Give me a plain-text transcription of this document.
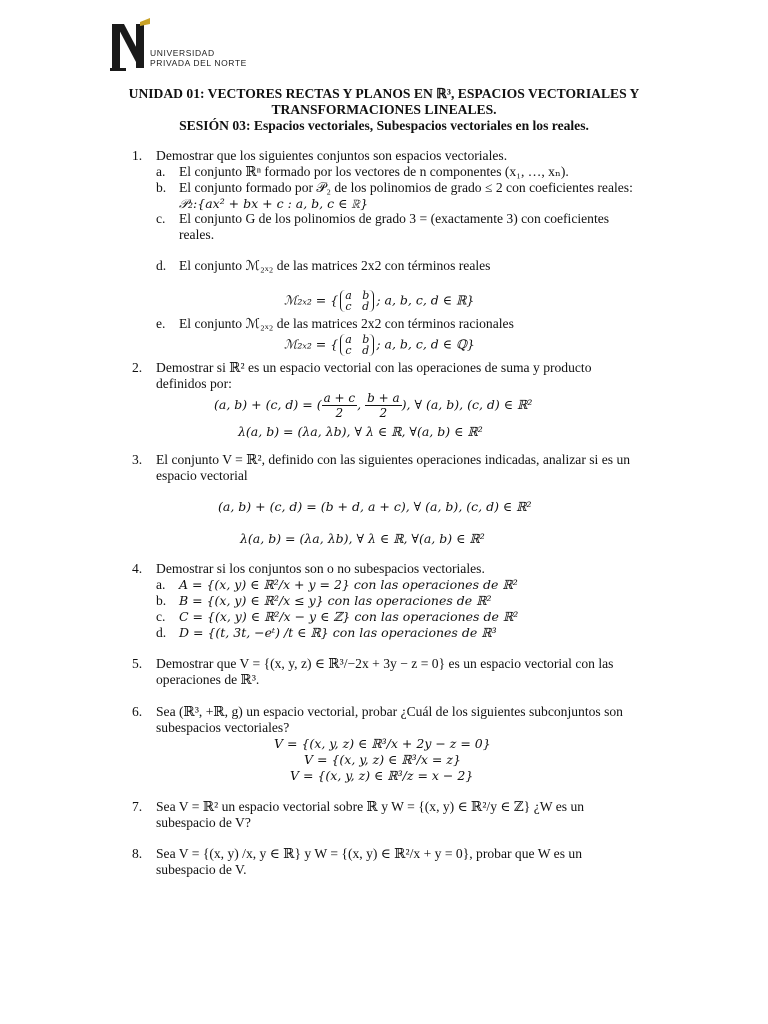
UNIVERSIDAD
PRIVADA DEL NORTE
UNIDAD 01: VECTORES RECTAS Y PLANOS EN ℝ³, ESPACIOS VECTORIALES Y
TRANSFORMACIONES LINEALES.
SESIÓN 03: Espacios vectoriales, Subespacios vectoriales en los reales.
1. Demostrar que los siguientes conjuntos son espacios vectoriales.
a. El conjunto ℝⁿ formado por los vectores de n componentes (x₁, …, xₙ).
b. El conjunto formado por 𝒫₂ de los polinomios de grado ≤ 2 con coeficientes reales:
𝒫₂:{ax² + bx + c : a, b, c ∈ ℝ}
c. El conjunto G de los polinomios de grado 3 = (exactamente 3) con coeficientes
reales.
d. El conjunto ℳ₂ₓ₂ de las matrices 2x2 con términos reales
ℳ₂ₓ₂ = { a b
c d ; a, b, c, d ∈ ℝ}
e. El conjunto ℳ₂ₓ₂ de las matrices 2x2 con términos racionales
ℳ₂ₓ₂ = { a b
c d ; a, b, c, d ∈ ℚ}
2. Demostrar si ℝ² es un espacio vectorial con las operaciones de suma y producto
definidos por:
(a, b) + (c, d) = ( $\frac{a + c}{2}$ , $\frac{b + a}{2}$ ), ∀ (a, b), (c, d) ∈ ℝ²
λ(a, b) = (λa, λb), ∀ λ ∈ ℝ, ∀(a, b) ∈ ℝ²
3. El conjunto V = ℝ², definido con las siguientes operaciones indicadas, analizar si es un
espacio vectorial
(a, b) + (c, d) = (b + d, a + c), ∀ (a, b), (c, d) ∈ ℝ²
λ(a, b) = (λa, λb), ∀ λ ∈ ℝ, ∀(a, b) ∈ ℝ²
4. Demostrar si los conjuntos son o no subespacios vectoriales.
a. A = {(x, y) ∈ ℝ²/x + y = 2} con las operaciones de ℝ²
b. B = {(x, y) ∈ ℝ²/x ≤ y} con las operaciones de ℝ²
c. C = {(x, y) ∈ ℝ²/x − y ∈ ℤ} con las operaciones de ℝ²
d. D = {(t, 3t, −eᵗ) /t ∈ ℝ} con las operaciones de ℝ³
5. Demostrar que V = {(x, y, z) ∈ ℝ³/−2x + 3y − z = 0} es un espacio vectorial con las
operaciones de ℝ³.
6. Sea (ℝ³, +ℝ, g) un espacio vectorial, probar ¿Cuál de los siguientes subconjuntos son
subespacios vectoriales?
V = {(x, y, z) ∈ ℝ³/x + 2y − z = 0}
V = {(x, y, z) ∈ ℝ³/x = z}
V = {(x, y, z) ∈ ℝ³/z = x − 2}
7. Sea V = ℝ² un espacio vectorial sobre ℝ y W = {(x, y) ∈ ℝ²/y ∈ ℤ} ¿W es un
subespacio de V?
8. Sea V = {(x, y) /x, y ∈ ℝ} y W = {(x, y) ∈ ℝ²/x + y = 0}, probar que W es un
subespacio de V.
